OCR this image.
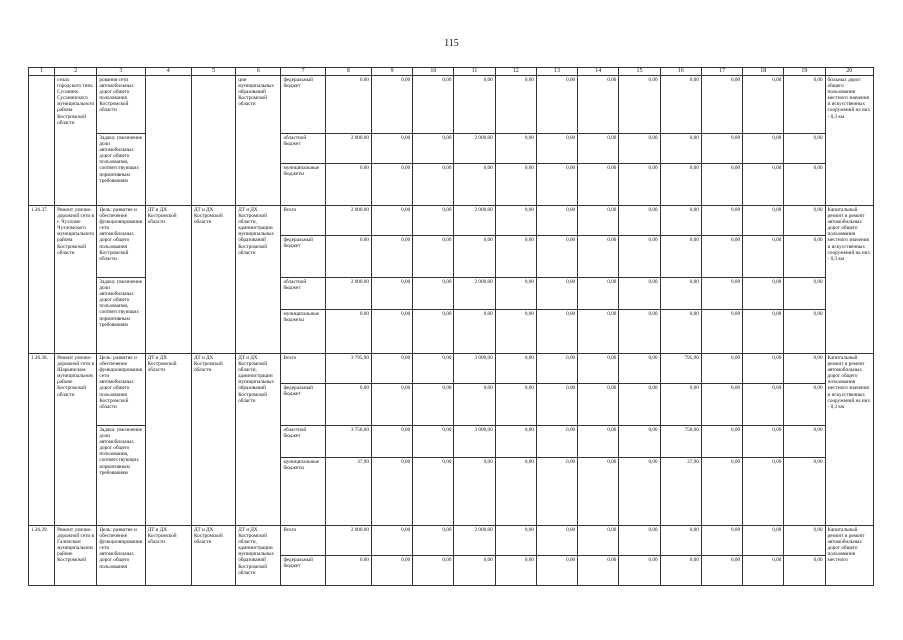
115
1	2	3	4	5	6	7	8	9	10	11	12	13	14	15	16	17	18	19	20
	селах городского типа Сусанино Сусанинского муниципального района Костромской области	рования сети автомобильных дорог общего пользования Костромской области			ции муниципальных образований Костромской области	федеральный бюджет	0,00	0,00	0,00	0,00	0,00	0,00	0,00	0,00	0,00	0,00	0,00	0,00	бильных дорог общего пользования местного значения и искусственных сооружений на них - 0,3 км
		Задача: увеличение доли автомобильных дорог общего пользования, соответствующих нормативным требованиям				областной бюджет	2 000,00	0,00	0,00	2 000,00	0,00	0,00	0,00	0,00	0,00	0,00	0,00	0,00	
						муниципальные бюджеты	0,00	0,00	0,00	0,00	0,00	0,00	0,00	0,00	0,00	0,00	0,00	0,00	
1.26.37.	Ремонт улично-дорожной сети в г. Чухломе Чухломского муниципального района Костромской области	Цель: развитие и обеспечение функционирования сети автомобильных дорог общего пользования Костромской области	ДТ и ДХ Костромской области	ДТ и ДХ Костромской области	ДТ и ДХ Костромской области, администрации муниципальных образований Костромской области	Всего	2 000,00	0,00	0,00	2 000,00	0,00	0,00	0,00	0,00	0,00	0,00	0,00	0,00	Капитальный ремонт и ремонт автомобильных дорог общего пользования местного значения и искусственных сооружений на них - 0,3 км
						федеральный бюджет	0,00	0,00	0,00	0,00	0,00	0,00	0,00	0,00	0,00	0,00	0,00	0,00	
		Задача: увеличение доли автомобильных дорог общего пользования, соответствующих нормативным требованиям				областной бюджет	2 000,00	0,00	0,00	2 000,00	0,00	0,00	0,00	0,00	0,00	0,00	0,00	0,00	
						муниципальные бюджеты	0,00	0,00	0,00	0,00	0,00	0,00	0,00	0,00	0,00	0,00	0,00	0,00	
1.26.38.	Ремонт улично-дорожной сети в Шарьинском муниципальном районе Костромской области	Цель: развитие и обеспечение функционирования сети автомобильных дорог общего пользования Костромской области	ДТ и ДХ Костромской области	ДТ и ДХ Костромской области	ДТ и ДХ Костромской области, администрации муниципальных образований Костромской области	Всего	3 795,90	0,00	0,00	3 000,00	0,00	0,00	0,00	0,00	795,90	0,00	0,00	0,00	Капитальный ремонт и ремонт автомобильных дорог общего пользования местного значения и искусственных сооружений на них - 0,3 км
						федеральный бюджет	0,00	0,00	0,00	0,00	0,00	0,00	0,00	0,00	0,00	0,00	0,00	0,00	
		Задача: увеличение доли автомобильных дорог общего пользования, соответствующих нормативным требованиям				областной бюджет	3 758,00	0,00	0,00	3 000,00	0,00	0,00	0,00	0,00	758,00	0,00	0,00	0,00	
						муниципальные бюджеты	37,90	0,00	0,00	0,00	0,00	0,00	0,00	0,00	37,90	0,00	0,00	0,00	
1.26.39.	Ремонт улично-дорожной сети в Галичском муниципальном районе Костромской	Цель: развитие и обеспечение функционирования сети автомобильных дорог общего пользования	ДТ и ДХ Костромской области	ДТ и ДХ Костромской области	ДТ и ДХ Костромской области, администрации муниципальных образований Костромской области	Всего	2 000,00	0,00	0,00	2 000,00	0,00	0,00	0,00	0,00	0,00	0,00	0,00	0,00	Капитальный ремонт и ремонт автомобильных дорог общего пользования местного
						федеральный бюджет	0,00	0,00	0,00	0,00	0,00	0,00	0,00	0,00	0,00	0,00	0,00	0,00	
